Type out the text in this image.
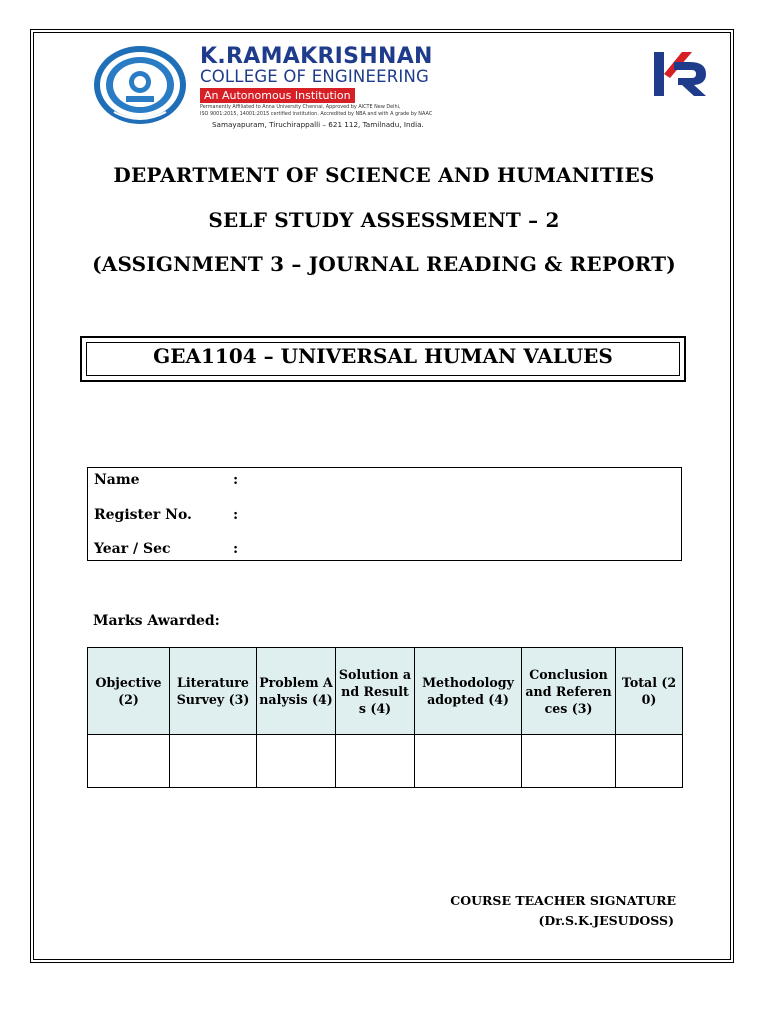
K.RAMAKRISHNAN
COLLEGE OF ENGINEERING
An Autonomous Institution
Permanently Affiliated to Anna University Chennai, Approved by AICTE New Delhi,
ISO 9001:2015, 14001:2015 certified institution. Accredited by NBA and with A grade by NAAC
Samayapuram, Tiruchirappalli – 621 112, Tamilnadu, India.
DEPARTMENT OF SCIENCE AND HUMANITIES
SELF STUDY ASSESSMENT – 2
(ASSIGNMENT 3 – JOURNAL READING & REPORT)
GEA1104 – UNIVERSAL HUMAN VALUES
Name	:
Register No.	:
Year / Sec	:
Marks Awarded:
Objective (2)	Literature Survey (3)	Problem Analysis (4)	Solution and Results (4)	Methodology adopted (4)	Conclusion and References (3)	Total (20)

COURSE TEACHER SIGNATURE
(Dr.S.K.JESUDOSS)
